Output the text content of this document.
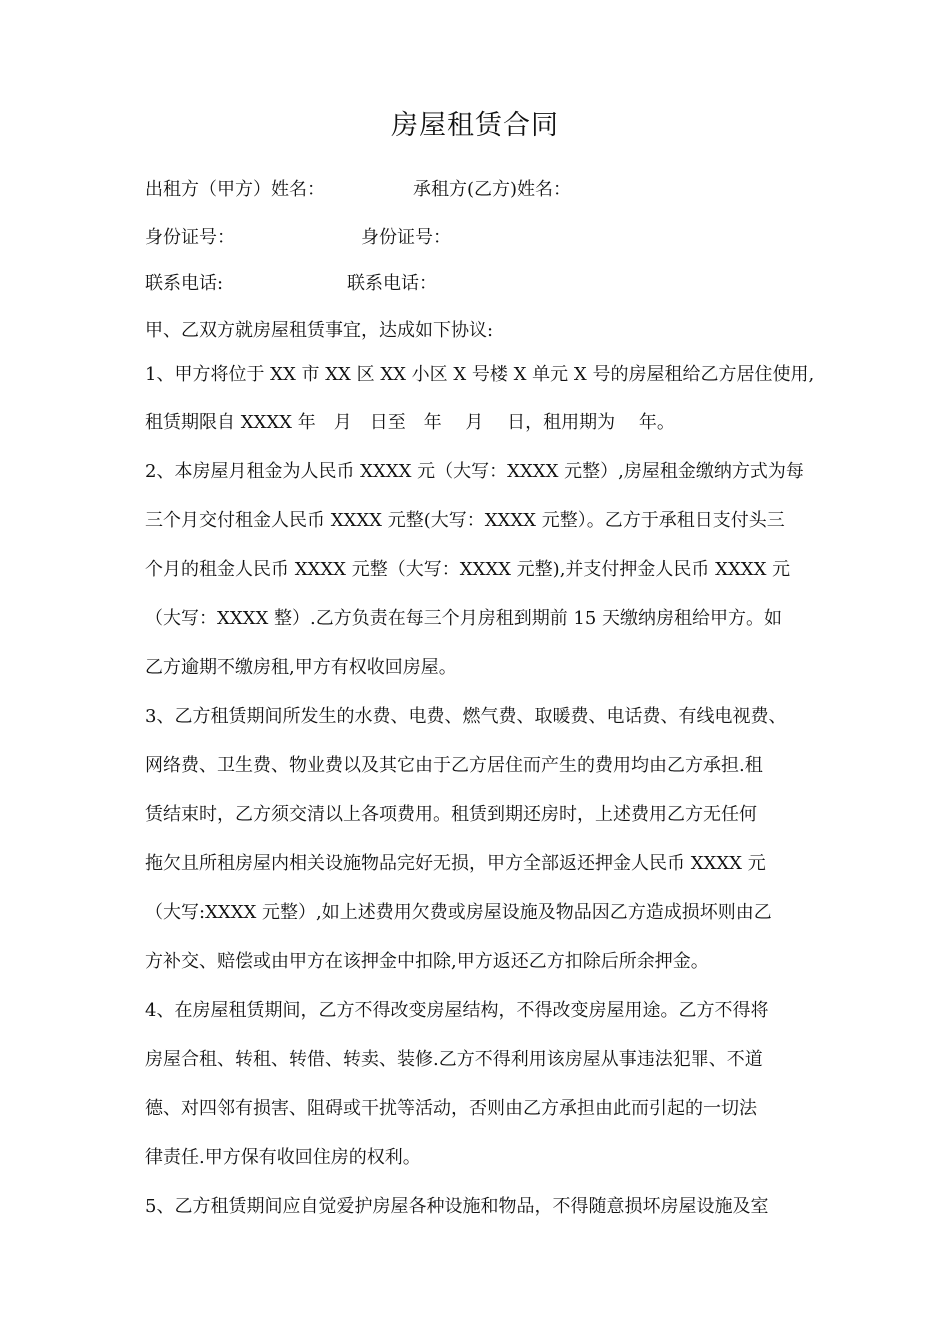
房屋租赁合同
出租方（甲方）姓名：	承租方(乙方)姓名：
身份证号：	身份证号：
联系电话:	联系电话：
甲、乙双方就房屋租赁事宜，达成如下协议:
1、甲方将位于 XX 市 XX 区 XX 小区 X 号楼 X 单元 X 号的房屋租给乙方居住使用,
租赁期限自 XXXX 年　月　日至　年　 月　 日，租用期为　 年。
2、本房屋月租金为人民币 XXXX 元（大写：XXXX 元整）,房屋租金缴纳方式为每
三个月交付租金人民币 XXXX 元整(大写：XXXX 元整）。乙方于承租日支付头三
个月的租金人民币 XXXX 元整（大写：XXXX 元整),并支付押金人民币 XXXX 元
（大写：XXXX 整）.乙方负责在每三个月房租到期前 15 天缴纳房租给甲方。如
乙方逾期不缴房租,甲方有权收回房屋。
3、乙方租赁期间所发生的水费、电费、燃气费、取暖费、电话费、有线电视费、
网络费、卫生费、物业费以及其它由于乙方居住而产生的费用均由乙方承担.租
赁结束时，乙方须交清以上各项费用。租赁到期还房时，上述费用乙方无任何
拖欠且所租房屋内相关设施物品完好无损，甲方全部返还押金人民币 XXXX 元
（大写:XXXX 元整）,如上述费用欠费或房屋设施及物品因乙方造成损坏则由乙
方补交、赔偿或由甲方在该押金中扣除,甲方返还乙方扣除后所余押金。
4、在房屋租赁期间，乙方不得改变房屋结构，不得改变房屋用途。乙方不得将
房屋合租、转租、转借、转卖、装修.乙方不得利用该房屋从事违法犯罪、不道
德、对四邻有损害、阻碍或干扰等活动，否则由乙方承担由此而引起的一切法
律责任.甲方保有收回住房的权利。
5、乙方租赁期间应自觉爱护房屋各种设施和物品，不得随意损坏房屋设施及室
